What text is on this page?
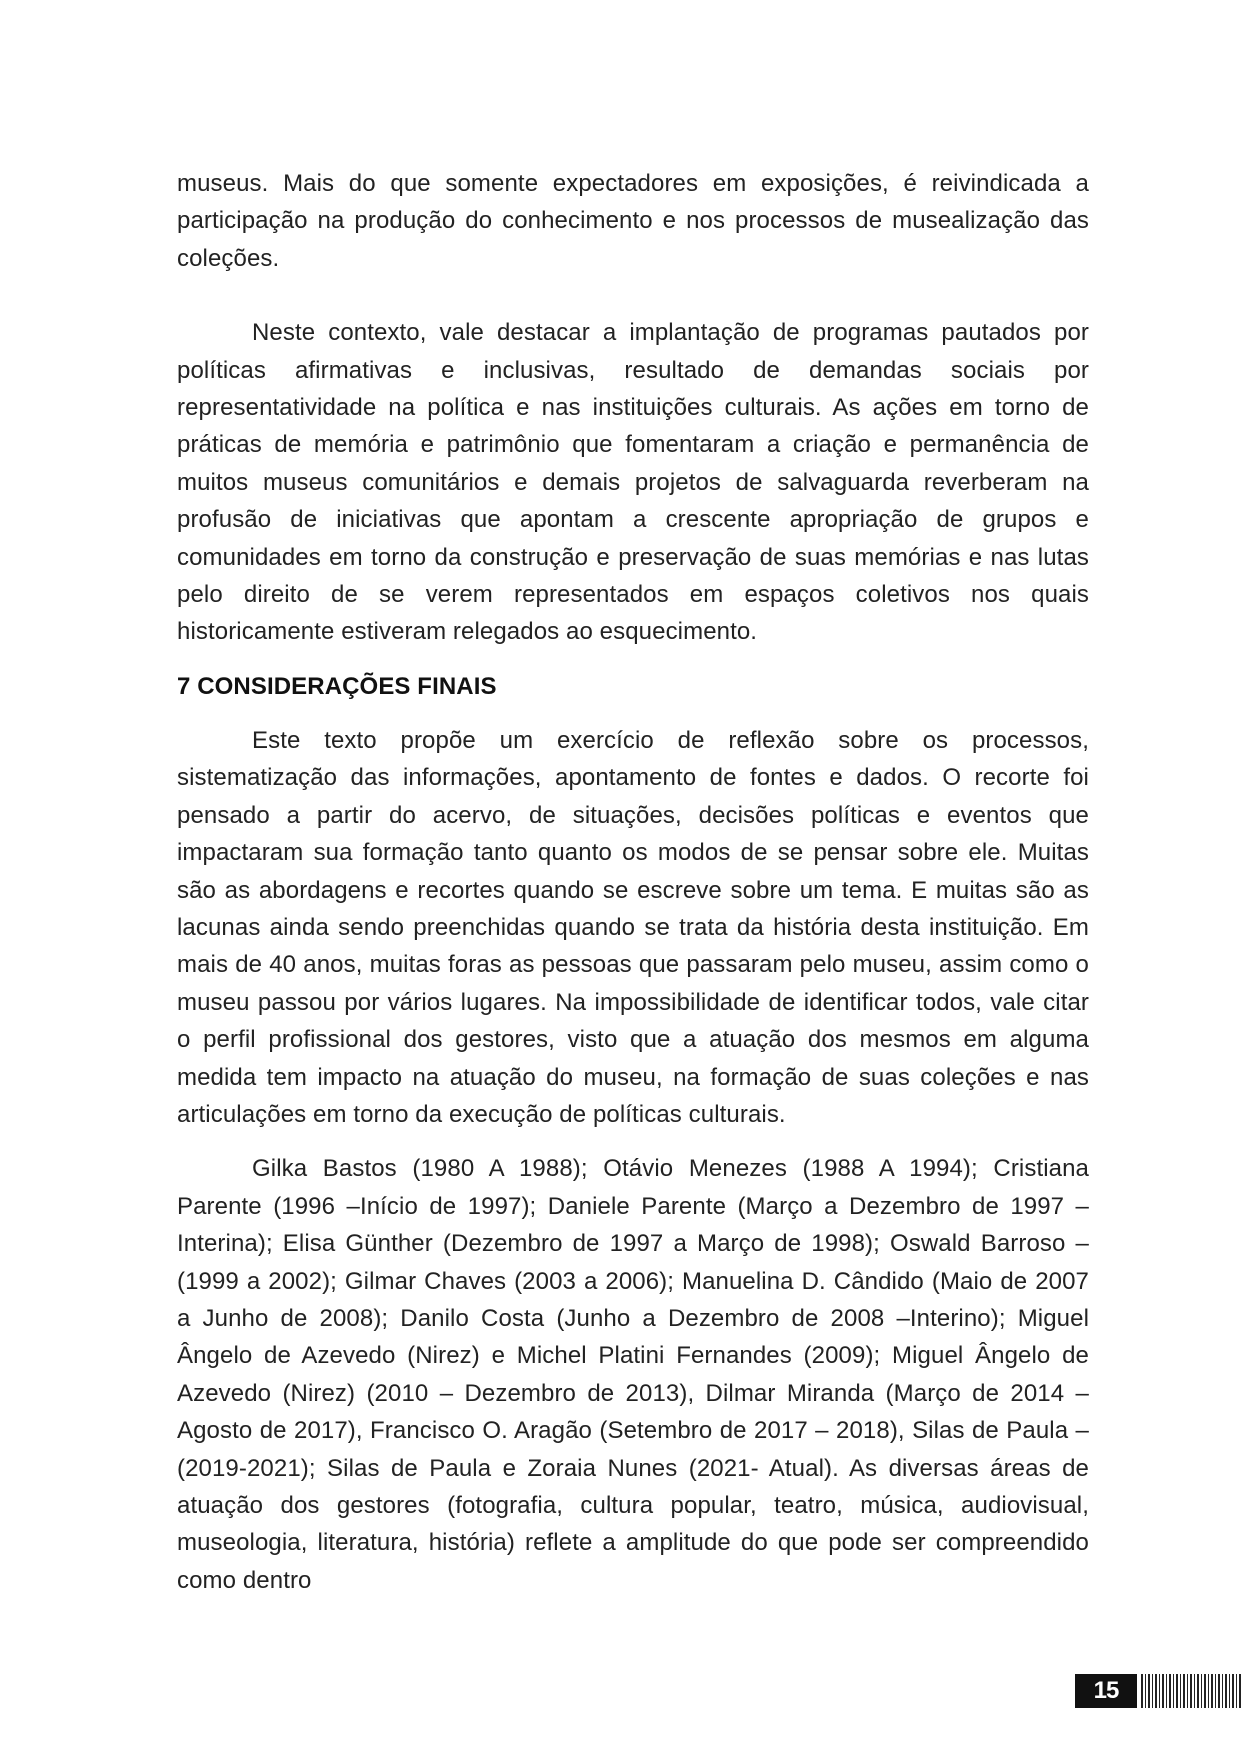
museus. Mais do que somente expectadores em exposições, é reivindicada a participação na produção do conhecimento e nos processos de musealização das coleções.

Neste contexto, vale destacar a implantação de programas pautados por políticas afirmativas e inclusivas, resultado de demandas sociais por representatividade na política e nas instituições culturais. As ações em torno de práticas de memória e patrimônio que fomentaram a criação e permanência de muitos museus comunitários e demais projetos de salvaguarda reverberam na profusão de iniciativas que apontam a crescente apropriação de grupos e comunidades em torno da construção e preservação de suas memórias e nas lutas pelo direito de se verem representados em espaços coletivos nos quais historicamente estiveram relegados ao esquecimento.

7 CONSIDERAÇÕES FINAIS

Este texto propõe um exercício de reflexão sobre os processos, sistematização das informações, apontamento de fontes e dados. O recorte foi pensado a partir do acervo, de situações, decisões políticas e eventos que impactaram sua formação tanto quanto os modos de se pensar sobre ele. Muitas são as abordagens e recortes quando se escreve sobre um tema. E muitas são as lacunas ainda sendo preenchidas quando se trata da história desta instituição. Em mais de 40 anos, muitas foras as pessoas que passaram pelo museu, assim como o museu passou por vários lugares. Na impossibilidade de identificar todos, vale citar o perfil profissional dos gestores, visto que a atuação dos mesmos em alguma medida tem impacto na atuação do museu, na formação de suas coleções e nas articulações em torno da execução de políticas culturais.

Gilka Bastos (1980 A 1988); Otávio Menezes (1988 A 1994); Cristiana Parente (1996 –Início de 1997); Daniele Parente (Março a Dezembro de 1997 –Interina); Elisa Günther (Dezembro de 1997 a Março de 1998); Oswald Barroso – (1999 a 2002); Gilmar Chaves (2003 a 2006); Manuelina D. Cândido (Maio de 2007 a Junho de 2008); Danilo Costa (Junho a Dezembro de 2008 –Interino); Miguel Ângelo de Azevedo (Nirez) e Michel Platini Fernandes (2009); Miguel Ângelo de Azevedo (Nirez) (2010 – Dezembro de 2013), Dilmar Miranda (Março de 2014 – Agosto de 2017), Francisco O. Aragão (Setembro de 2017 – 2018), Silas de Paula – (2019-2021); Silas de Paula e Zoraia Nunes (2021- Atual). As diversas áreas de atuação dos gestores (fotografia, cultura popular, teatro, música, audiovisual, museologia, literatura, história) reflete a amplitude do que pode ser compreendido como dentro

15
